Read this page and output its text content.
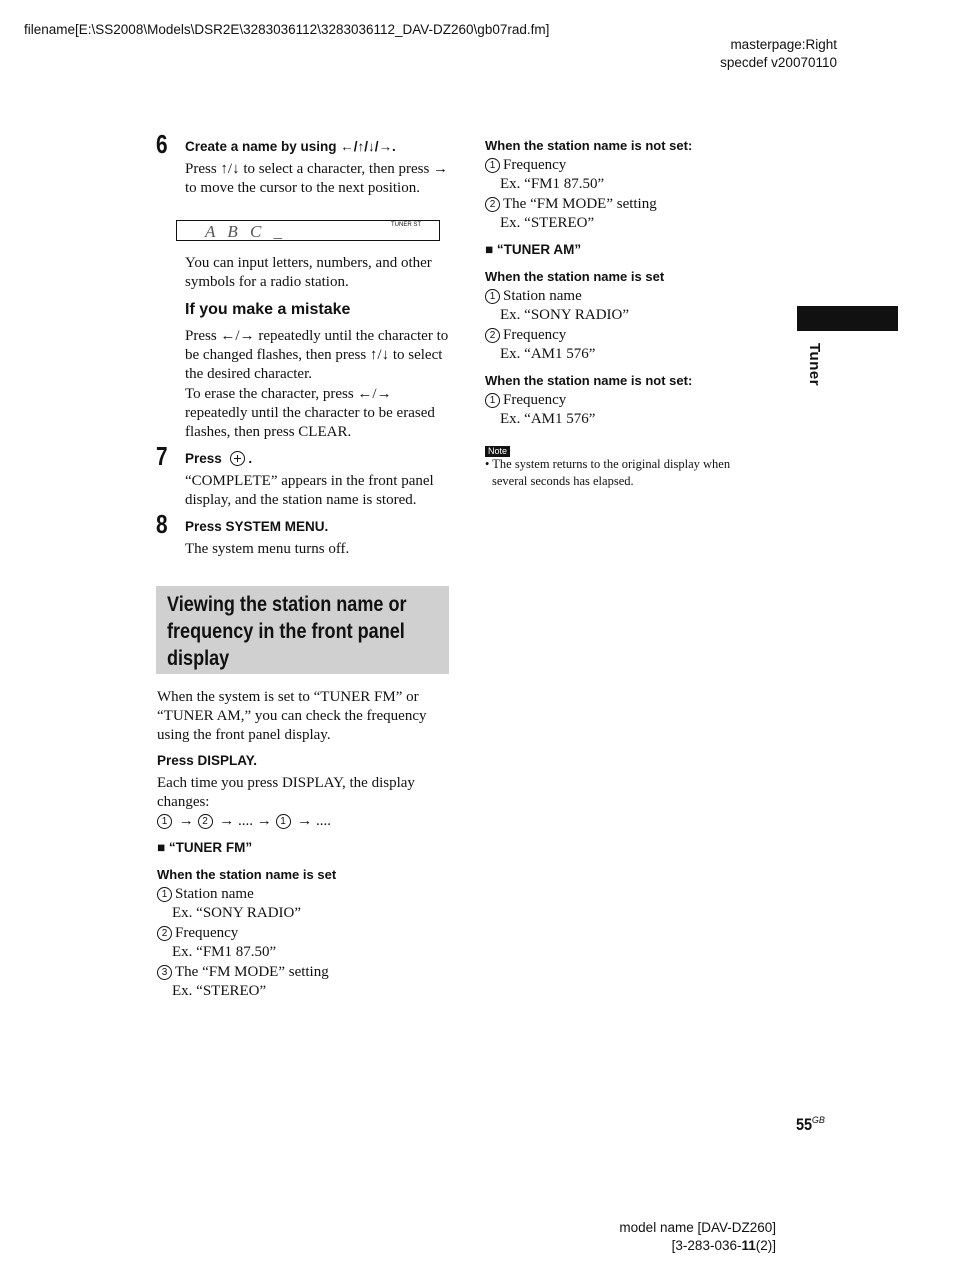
filename[E:\SS2008\Models\DSR2E\3283036112\3283036112_DAV-DZ260\gb07rad.fm]
masterpage:Right
specdef v20070110
6 Create a name by using ←/↑/↓/→.
Press ↑/↓ to select a character, then press → to move the cursor to the next position.
A B C _	TUNER ST
You can input letters, numbers, and other symbols for a radio station.
If you make a mistake
Press ←/→ repeatedly until the character to be changed flashes, then press ↑/↓ to select the desired character.
To erase the character, press ←/→ repeatedly until the character to be erased flashes, then press CLEAR.
7 Press .
“COMPLETE” appears in the front panel display, and the station name is stored.
8 Press SYSTEM MENU.
The system menu turns off.
Viewing the station name or frequency in the front panel display
When the system is set to “TUNER FM” or “TUNER AM,” you can check the frequency using the front panel display.
Press DISPLAY.
Each time you press DISPLAY, the display changes:
1 → 2 → .... → 1 → ....
■ “TUNER FM”
When the station name is set
1 Station name
Ex. “SONY RADIO”
2 Frequency
Ex. “FM1 87.50”
3 The “FM MODE” setting
Ex. “STEREO”
When the station name is not set:
1 Frequency
Ex. “FM1 87.50”
2 The “FM MODE” setting
Ex. “STEREO”
■ “TUNER AM”
When the station name is set
1 Station name
Ex. “SONY RADIO”
2 Frequency
Ex. “AM1 576”
When the station name is not set:
1 Frequency
Ex. “AM1 576”
Note
• The system returns to the original display when several seconds has elapsed.
Tuner
$55^{GB}$
model name [DAV-DZ260]
[3-283-036-11(2)]
